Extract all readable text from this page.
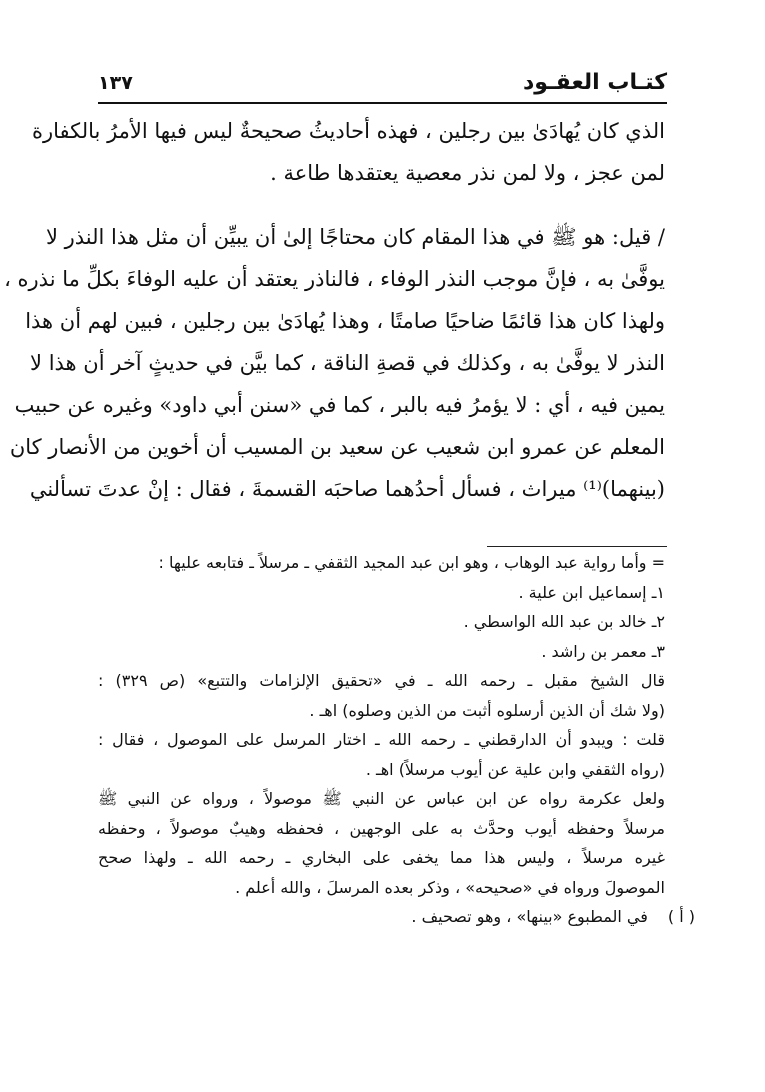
كتـاب العقـود
١٣٧
الذي كان يُهادَىٰ بين رجلين ، فهذه أحاديثُ صحيحةٌ ليس فيها الأمرُ بالكفارة
لمن عجز ، ولا لمن نذر معصية يعتقدها طاعة .
/ قيل: هو ﷺ في هذا المقام كان محتاجًا إلىٰ أن يبيِّن أن مثل هذا النذر لا
يوفَّىٰ به ، فإنَّ موجب النذر الوفاء ، فالناذر يعتقد أن عليه الوفاءَ بكلِّ ما نذره ،
ولهذا كان هذا قائمًا ضاحيًا صامتًا ، وهذا يُهادَىٰ بين رجلين ، فبين لهم أن هذا
النذر لا يوفَّىٰ به ، وكذلك في قصةِ الناقة ، كما بيَّن في حديثٍ آخر أن هذا لا
يمين فيه ، أي : لا يؤمرُ فيه بالبر ، كما في «سنن أبي داود» وغيره عن حبيب
المعلم عن عمرو ابن شعيب عن سعيد بن المسيب أن أخوين من الأنصار كان
(بينهما)⁽¹⁾ ميراث ، فسأل أحدُهما صاحبَه القسمةَ ، فقال : إنْ عدتَ تسألني
= وأما رواية عبد الوهاب ، وهو ابن عبد المجيد الثقفي ـ مرسلاً ـ فتابعه عليها :
١ـ إسماعيل ابن علية .
٢ـ خالد بن عبد الله الواسطي .
٣ـ معمر بن راشد .
قال الشيخ مقبل ـ رحمه الله ـ في «تحقيق الإلزامات والتتبع» (ص ٣٢٩) :
(ولا شك أن الذين أرسلوه أثبت من الذين وصلوه) اهـ .
قلت : ويبدو أن الدارقطني ـ رحمه الله ـ اختار المرسل على الموصول ، فقال :
(رواه الثقفي وابن علية عن أيوب مرسلاً) اهـ .
ولعل عكرمة رواه عن ابن عباس عن النبي ﷺ موصولاً ، ورواه عن النبي ﷺ
مرسلاً وحفظه أيوب وحدَّث به على الوجهين ، فحفظه وهيبٌ موصولاً ، وحفظه
غيره مرسلاً ، وليس هذا مما يخفى على البخاري ـ رحمه الله ـ ولهذا صحح
الموصولَ ورواه في «صحيحه» ، وذكر بعده المرسلَ ، والله أعلم .
( أ )في المطبوع «بينها» ، وهو تصحيف .
